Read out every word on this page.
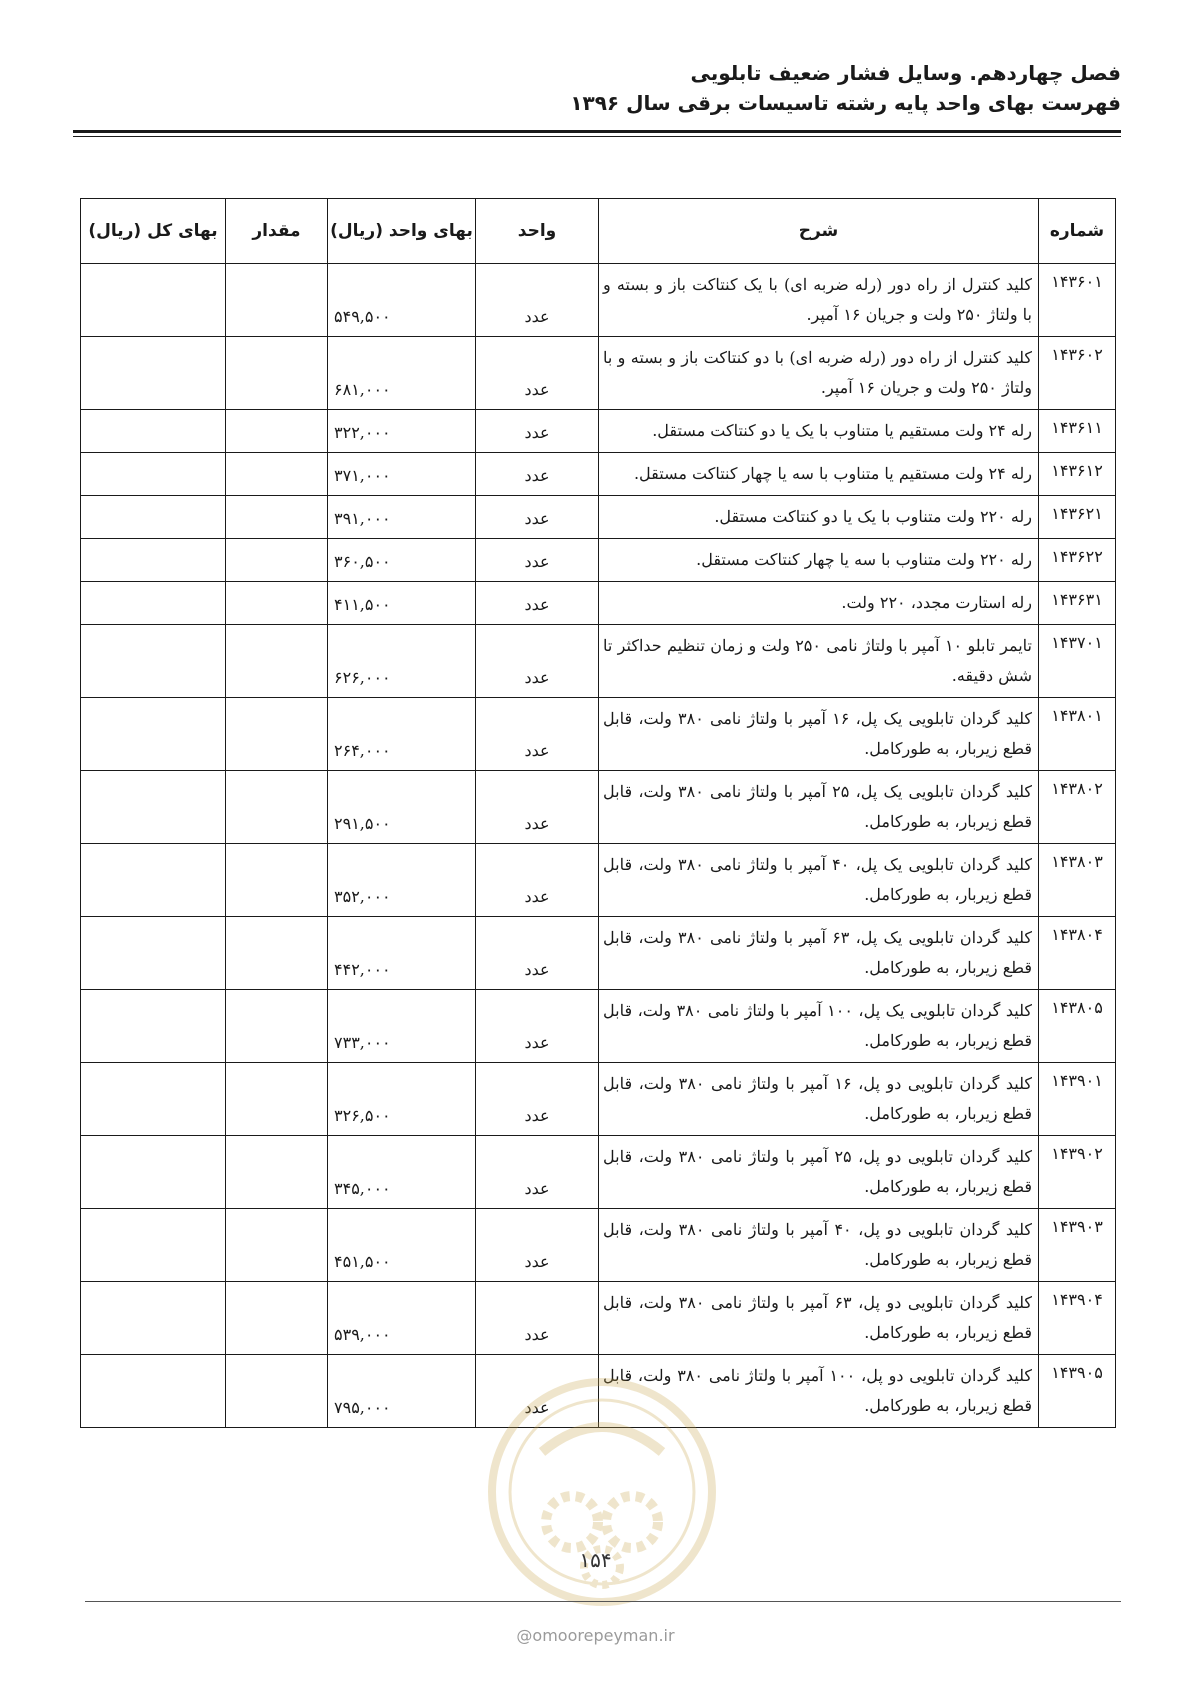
فصل چهاردهم. وسایل فشار ضعیف تابلویی
فهرست بهای واحد پایه رشته تاسیسات برقی سال ۱۳۹۶
شماره	شرح	واحد	بهای واحد (ریال)	مقدار	بهای کل (ریال)
۱۴۳۶۰۱	کلید کنترل از راه دور (رله ضربه ای) با یک کنتاکت باز و بسته و با ولتاژ ۲۵۰ ولت و جریان ۱۶ آمپر.	عدد	۵۴۹,۵۰۰		
۱۴۳۶۰۲	کلید کنترل از راه دور (رله ضربه ای) با دو کنتاکت باز و بسته و با ولتاژ ۲۵۰ ولت و جریان ۱۶ آمپر.	عدد	۶۸۱,۰۰۰		
۱۴۳۶۱۱	رله ۲۴ ولت مستقیم یا متناوب با یک یا دو کنتاکت مستقل.	عدد	۳۲۲,۰۰۰		
۱۴۳۶۱۲	رله ۲۴ ولت مستقیم یا متناوب با سه یا چهار کنتاکت مستقل.	عدد	۳۷۱,۰۰۰		
۱۴۳۶۲۱	رله ۲۲۰ ولت متناوب با یک یا دو کنتاکت مستقل.	عدد	۳۹۱,۰۰۰		
۱۴۳۶۲۲	رله ۲۲۰ ولت متناوب با سه یا چهار کنتاکت مستقل.	عدد	۳۶۰,۵۰۰		
۱۴۳۶۳۱	رله استارت مجدد، ۲۲۰ ولت.	عدد	۴۱۱,۵۰۰		
۱۴۳۷۰۱	تایمر تابلو ۱۰ آمپر با ولتاژ نامی ۲۵۰ ولت و زمان تنظیم حداکثر تا شش دقیقه.	عدد	۶۲۶,۰۰۰		
۱۴۳۸۰۱	کلید گردان تابلویی یک پل، ۱۶ آمپر با ولتاژ نامی ۳۸۰ ولت، قابل قطع زیربار، به طورکامل.	عدد	۲۶۴,۰۰۰		
۱۴۳۸۰۲	کلید گردان تابلویی یک پل، ۲۵ آمپر با ولتاژ نامی ۳۸۰ ولت، قابل قطع زیربار، به طورکامل.	عدد	۲۹۱,۵۰۰		
۱۴۳۸۰۳	کلید گردان تابلویی یک پل، ۴۰ آمپر با ولتاژ نامی ۳۸۰ ولت، قابل قطع زیربار، به طورکامل.	عدد	۳۵۲,۰۰۰		
۱۴۳۸۰۴	کلید گردان تابلویی یک پل، ۶۳ آمپر با ولتاژ نامی ۳۸۰ ولت، قابل قطع زیربار، به طورکامل.	عدد	۴۴۲,۰۰۰		
۱۴۳۸۰۵	کلید گردان تابلویی یک پل، ۱۰۰ آمپر با ولتاژ نامی ۳۸۰ ولت، قابل قطع زیربار، به طورکامل.	عدد	۷۳۳,۰۰۰		
۱۴۳۹۰۱	کلید گردان تابلویی دو پل، ۱۶ آمپر با ولتاژ نامی ۳۸۰ ولت، قابل قطع زیربار، به طورکامل.	عدد	۳۲۶,۵۰۰		
۱۴۳۹۰۲	کلید گردان تابلویی دو پل، ۲۵ آمپر با ولتاژ نامی ۳۸۰ ولت، قابل قطع زیربار، به طورکامل.	عدد	۳۴۵,۰۰۰		
۱۴۳۹۰۳	کلید گردان تابلویی دو پل، ۴۰ آمپر با ولتاژ نامی ۳۸۰ ولت، قابل قطع زیربار، به طورکامل.	عدد	۴۵۱,۵۰۰		
۱۴۳۹۰۴	کلید گردان تابلویی دو پل، ۶۳ آمپر با ولتاژ نامی ۳۸۰ ولت، قابل قطع زیربار، به طورکامل.	عدد	۵۳۹,۰۰۰		
۱۴۳۹۰۵	کلید گردان تابلویی دو پل، ۱۰۰ آمپر با ولتاژ نامی ۳۸۰ ولت، قابل قطع زیربار، به طورکامل.	عدد	۷۹۵,۰۰۰		
۱۵۴
@omoorepeyman.ir
